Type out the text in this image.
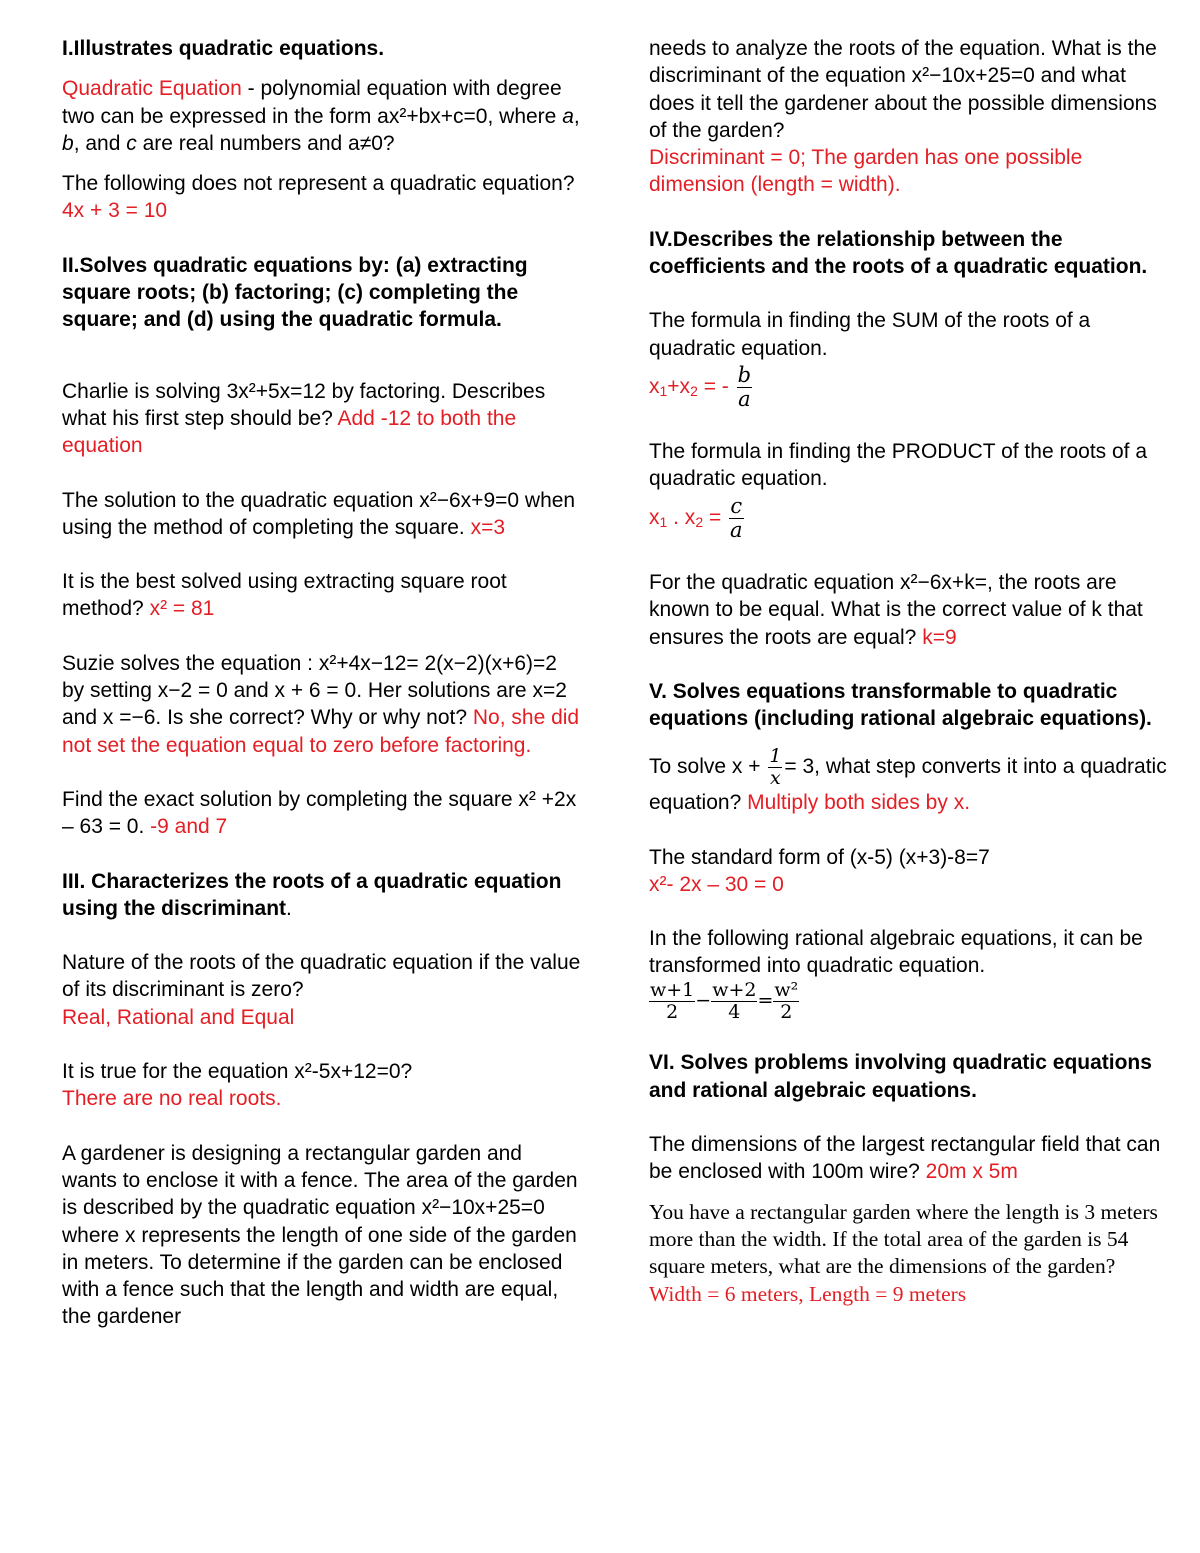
I.Illustrates quadratic equations.

Quadratic Equation - polynomial equation with degree two can be expressed in the form ax²+bx+c=0, where a, b, and c are real numbers and a≠0?

The following does not represent a quadratic equation? 4x + 3 = 10

II.Solves quadratic equations by: (a) extracting square roots; (b) factoring; (c) completing the square; and (d) using the quadratic formula.

Charlie is solving 3x²+5x=12 by factoring. Describes what his first step should be? Add -12 to both the equation

The solution to the quadratic equation x²−6x+9=0 when using the method of completing the square. x=3

It is the best solved using extracting square root method? x² = 81

Suzie solves the equation : x²+4x−12= 2(x−2)(x+6)=2 by setting x−2 = 0 and x + 6 = 0. Her solutions are x=2 and x =−6. Is she correct? Why or why not? No, she did not set the equation equal to zero before factoring.

Find the exact solution by completing the square x² +2x – 63 = 0. -9 and 7

III. Characterizes the roots of a quadratic equation using the discriminant.

Nature of the roots of the quadratic equation if the value of its discriminant is zero?

Real, Rational and Equal

It is true for the equation x²-5x+12=0?

There are no real roots.

A gardener is designing a rectangular garden and wants to enclose it with a fence. The area of the garden is described by the quadratic equation x²−10x+25=0 where x represents the length of one side of the garden in meters. To determine if the garden can be enclosed with a fence such that the length and width are equal, the gardener

needs to analyze the roots of the equation. What is the discriminant of the equation x²−10x+25=0 and what does it tell the gardener about the possible dimensions of the garden?

Discriminant = 0; The garden has one possible dimension (length = width).

IV.Describes the relationship between the coefficients and the roots of a quadratic equation.

The formula in finding the SUM of the roots of a quadratic equation.

$x_1+x_2$ = - $\frac{b}{a}$

The formula in finding the PRODUCT of the roots of a quadratic equation.

$x_1$ . $x_2 = \frac{c}{a}$

For the quadratic equation x²−6x+k=, the roots are known to be equal. What is the correct value of k that ensures the roots are equal? k=9

V. Solves equations transformable to quadratic equations (including rational algebraic equations).

To solve $x + \frac{1}{x} = 3$, what step converts it into a quadratic equation? Multiply both sides by x.

The standard form of (x-5) (x+3)-8=7

x²- 2x – 30 = 0

In the following rational algebraic equations, it can be transformed into quadratic equation.

$\frac{w+1}{2} - \frac{w+2}{4} = \frac{\text{w²}}{2}$

VI. Solves problems involving quadratic equations and rational algebraic equations.

The dimensions of the largest rectangular field that can be enclosed with 100m wire? 20m x 5m

You have a rectangular garden where the length is 3 meters more than the width. If the total area of the garden is 54 square meters, what are the dimensions of the garden?

Width = 6 meters, Length = 9 meters
